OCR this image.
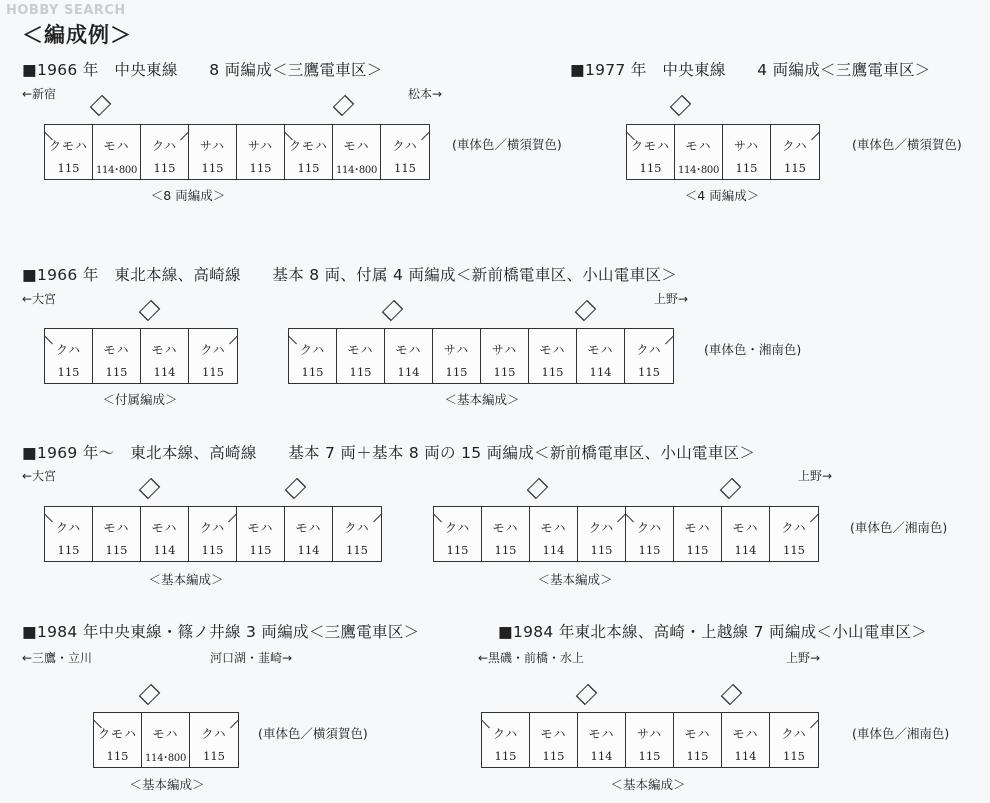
HOBBY SEARCH
＜編成例＞
■1966 年　中央東線　　8 両編成＜三鷹電車区＞
←新宿	松本→
クモハ
115
モハ
114･800
クハ
115
サハ
115
サハ
115
クモハ
115
モハ
114･800
クハ
115
(車体色／横須賀色)
＜8 両編成＞
■1977 年　中央東線　　4 両編成＜三鷹電車区＞
クモハ
115
モハ
114･800
サハ
115
クハ
115
(車体色／横須賀色)
＜4 両編成＞
■1966 年　東北本線、高崎線　　基本 8 両、付属 4 両編成＜新前橋電車区、小山電車区＞
←大宮	上野→
クハ
115
モハ
115
モハ
114
クハ
115
＜付属編成＞
クハ
115
モハ
115
モハ
114
サハ
115
サハ
115
モハ
115
モハ
114
クハ
115
(車体色・湘南色)
＜基本編成＞
■1969 年～　東北本線、高崎線　　基本 7 両＋基本 8 両の 15 両編成＜新前橋電車区、小山電車区＞
←大宮	上野→
クハ
115
モハ
115
モハ
114
クハ
115
モハ
115
モハ
114
クハ
115
＜基本編成＞
クハ
115
モハ
115
モハ
114
クハ
115
クハ
115
モハ
115
モハ
114
クハ
115
(車体色／湘南色)
＜基本編成＞
■1984 年中央東線・篠ノ井線 3 両編成＜三鷹電車区＞
←三鷹・立川	河口湖・韮崎→
クモハ
115
モハ
114･800
クハ
115
(車体色／横須賀色)
＜基本編成＞
■1984 年東北本線、高崎・上越線 7 両編成＜小山電車区＞
←黒磯・前橋・水上	上野→
クハ
115
モハ
115
モハ
114
サハ
115
モハ
115
モハ
114
クハ
115
(車体色／湘南色)
＜基本編成＞
